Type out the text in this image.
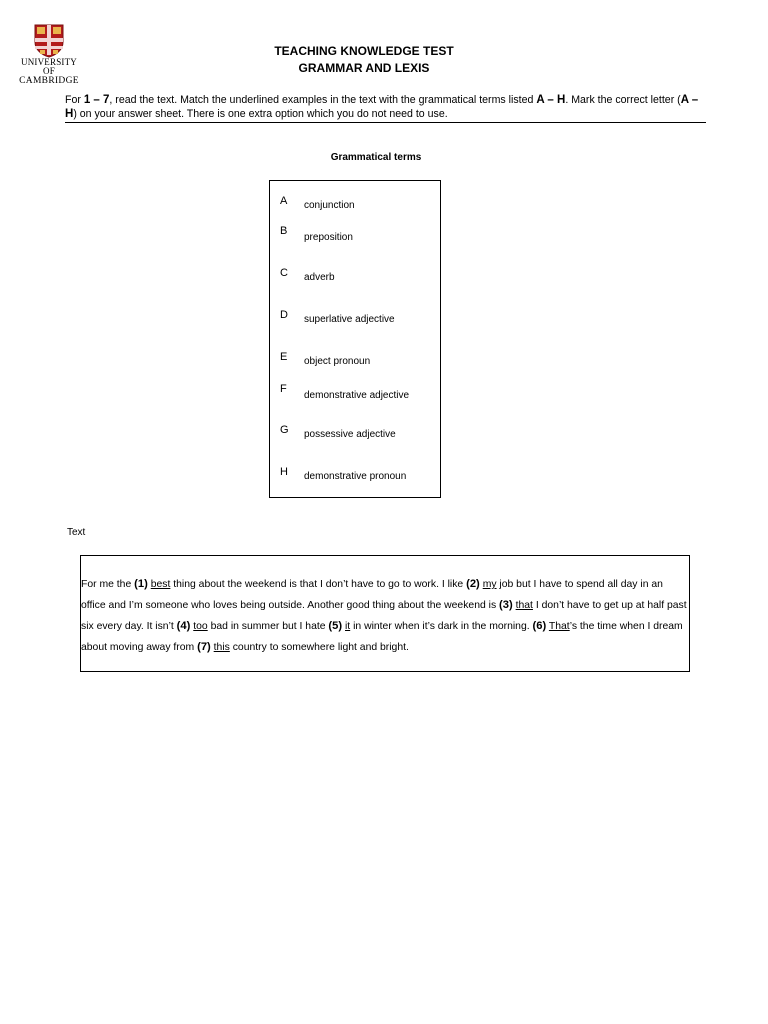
UNIVERSITY OF
CAMBRIDGE
TEACHING KNOWLEDGE TEST
GRAMMAR AND LEXIS
For 1 – 7, read the text. Match the underlined examples in the text with the grammatical terms listed A – H. Mark the correct letter (A – H) on your answer sheet. There is one extra option which you do not need to use.
Grammatical terms
A conjunction
B
preposition
C adverb
D superlative adjective
E object pronoun
F
demonstrative adjective
G possessive adjective
H demonstrative pronoun
Text
For me the (1) best thing about the weekend is that I don’t have to go to work. I like (2) my job but I have to spend all day in an office and I’m someone who loves being outside. Another good thing about the weekend is (3) that I don’t have to get up at half past six every day. It isn’t (4) too bad in summer but I hate (5) it in winter when it’s dark in the morning. (6) That’s the time when I dream about moving away from (7) this country to somewhere light and bright.
